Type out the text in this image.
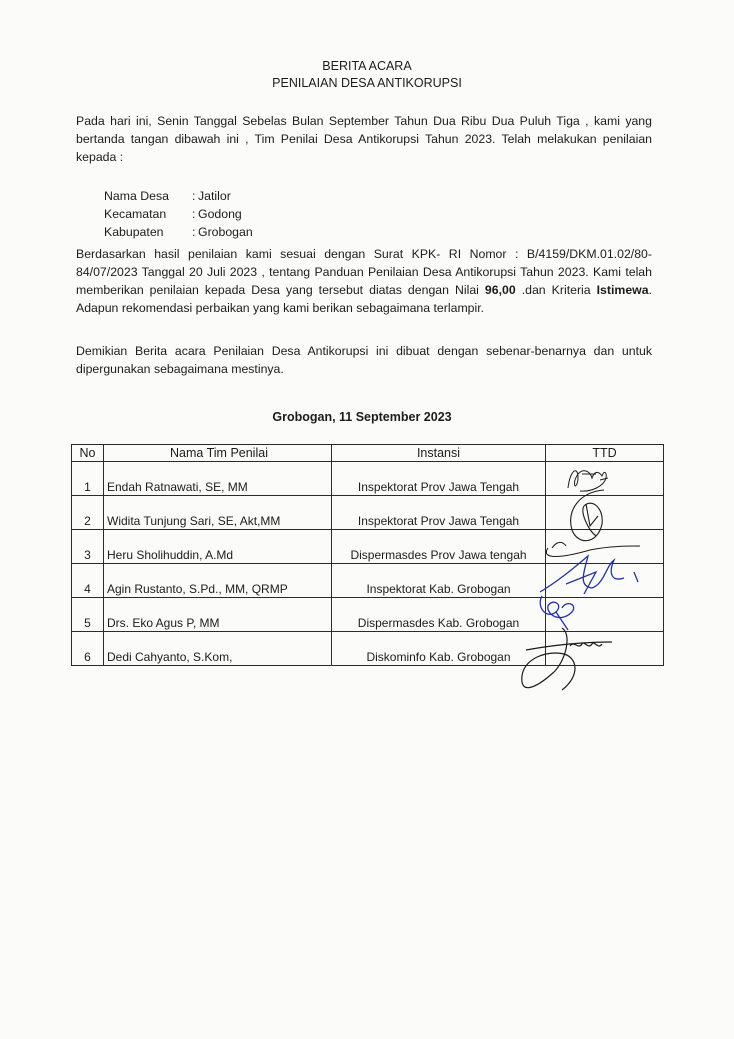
BERITA ACARA
PENILAIAN DESA ANTIKORUPSI
Pada hari ini, Senin Tanggal Sebelas Bulan September Tahun Dua Ribu Dua Puluh Tiga , kami yang bertanda tangan dibawah ini , Tim Penilai Desa Antikorupsi Tahun 2023. Telah melakukan penilaian kepada :
Nama Desa	: Jatilor
Kecamatan	: Godong
Kabupaten	: Grobogan
Berdasarkan hasil penilaian kami sesuai dengan Surat KPK- RI Nomor : B/4159/DKM.01.02/80-84/07/2023 Tanggal 20 Juli 2023 , tentang Panduan Penilaian Desa Antikorupsi Tahun 2023. Kami telah memberikan penilaian kepada Desa yang tersebut diatas dengan Nilai 96,00 .dan Kriteria Istimewa. Adapun rekomendasi perbaikan yang kami berikan sebagaimana terlampir.
Demikian Berita acara Penilaian Desa Antikorupsi ini dibuat dengan sebenar-benarnya dan untuk dipergunakan sebagaimana mestinya.
Grobogan, 11 September 2023
No	Nama Tim Penilai	Instansi	TTD
1	Endah Ratnawati, SE, MM	Inspektorat Prov Jawa Tengah	
2	Widita Tunjung Sari, SE, Akt,MM	Inspektorat Prov Jawa Tengah	
3	Heru Sholihuddin, A.Md	Dispermasdes Prov Jawa tengah	
4	Agin Rustanto, S.Pd., MM, QRMP	Inspektorat Kab. Grobogan	
5	Drs. Eko Agus P, MM	Dispermasdes Kab. Grobogan	
6	Dedi Cahyanto, S.Kom,	Diskominfo Kab. Grobogan	
